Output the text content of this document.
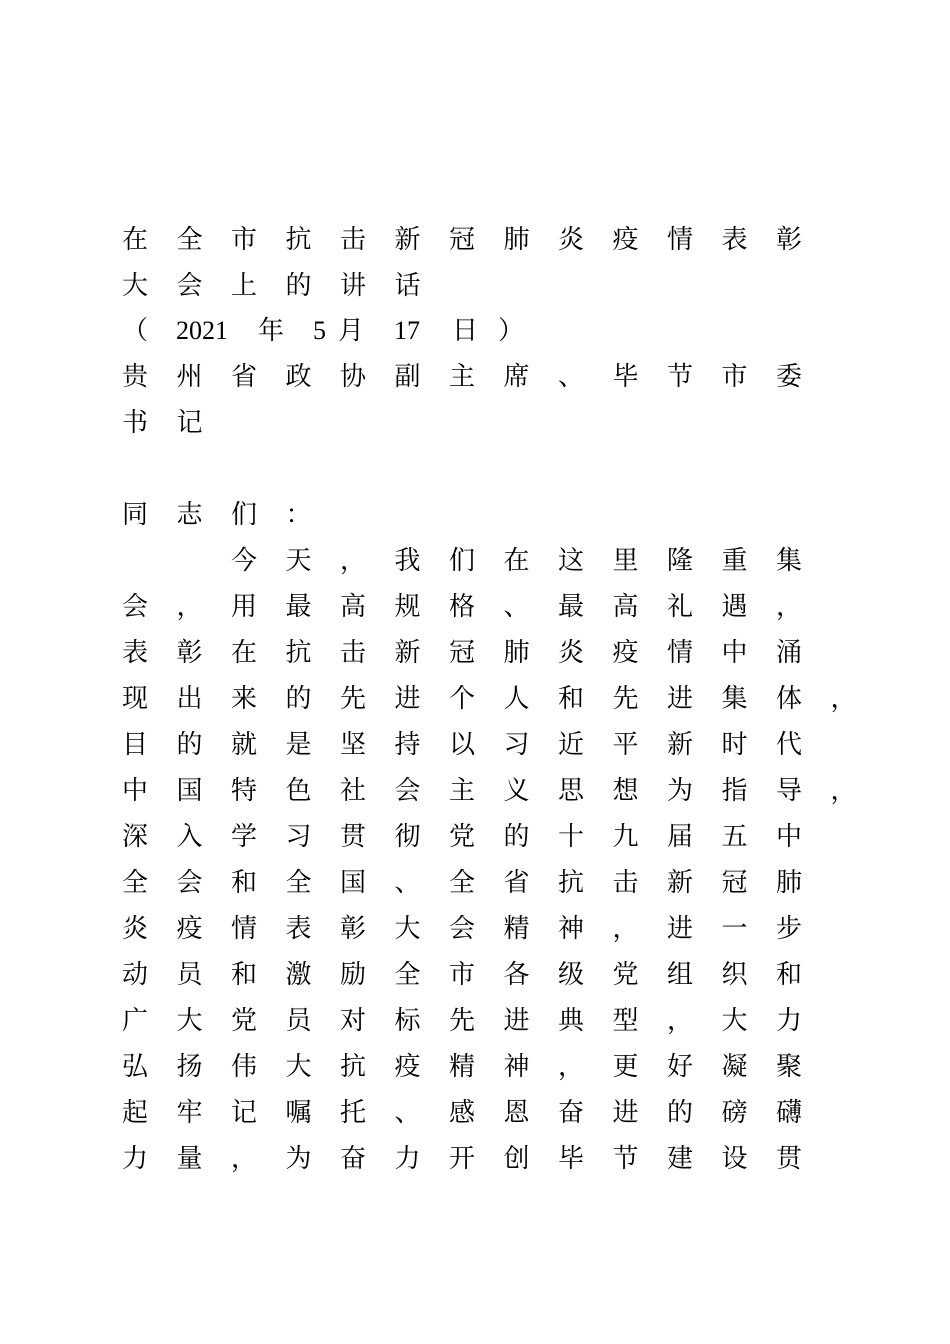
在 全 市 抗 击 新 冠 肺 炎 疫 情 表 彰
大 会 上 的 讲 话
（ 2021 年 5 月 17 日 ）
贵 州 省 政 协 副 主 席 、 毕 节 市 委
书 记
同 志 们 ：
今 天 ， 我 们 在 这 里 隆 重 集
会 ， 用 最 高 规 格 、 最 高 礼 遇 ，
表 彰 在 抗 击 新 冠 肺 炎 疫 情 中 涌
现 出 来 的 先 进 个 人 和 先 进 集 体 ，
目 的 就 是 坚 持 以 习 近 平 新 时 代
中 国 特 色 社 会 主 义 思 想 为 指 导 ，
深 入 学 习 贯 彻 党 的 十 九 届 五 中
全 会 和 全 国 、 全 省 抗 击 新 冠 肺
炎 疫 情 表 彰 大 会 精 神 ， 进 一 步
动 员 和 激 励 全 市 各 级 党 组 织 和
广 大 党 员 对 标 先 进 典 型 ， 大 力
弘 扬 伟 大 抗 疫 精 神 ， 更 好 凝 聚
起 牢 记 嘱 托 、 感 恩 奋 进 的 磅 礴
力 量 ， 为 奋 力 开 创 毕 节 建 设 贯
